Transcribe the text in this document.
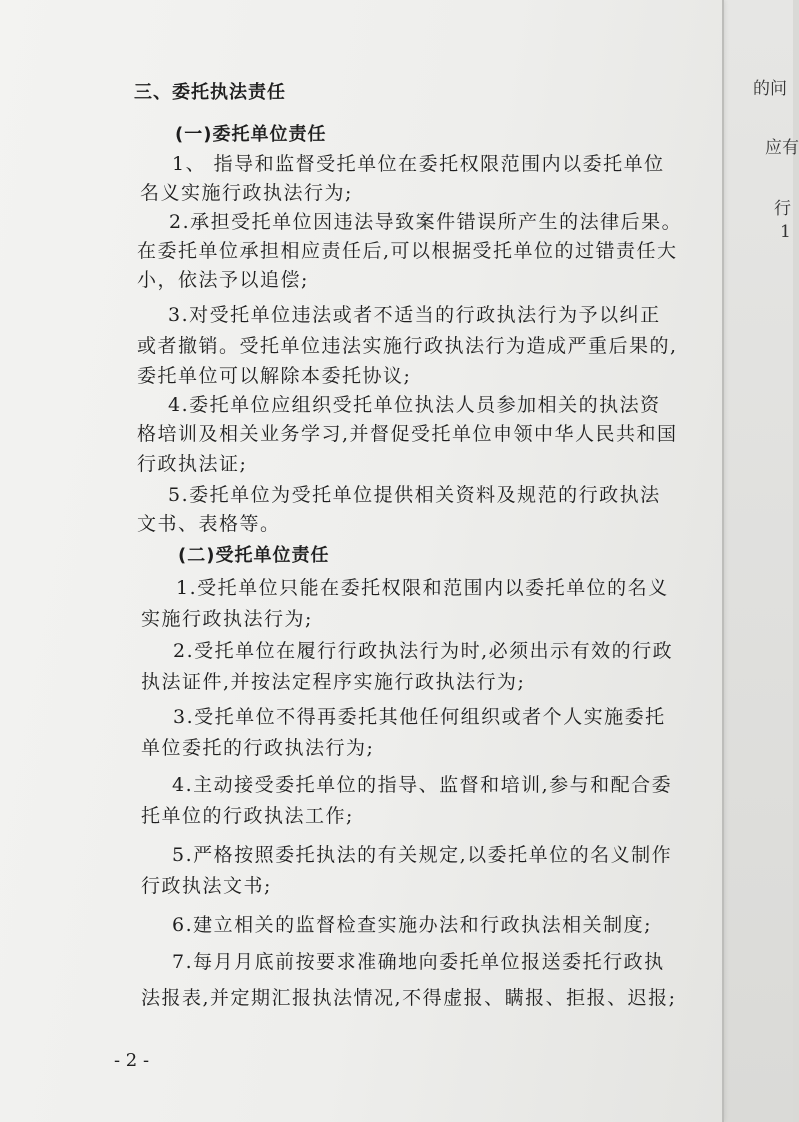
的问
应有
行
1
三、委托执法责任
(一)委托单位责任
1、 指导和监督受托单位在委托权限范围内以委托单位
名义实施行政执法行为;
2.承担受托单位因违法导致案件错误所产生的法律后果。
在委托单位承担相应责任后,可以根据受托单位的过错责任大
小，依法予以追偿;
3.对受托单位违法或者不适当的行政执法行为予以纠正
或者撤销。受托单位违法实施行政执法行为造成严重后果的,
委托单位可以解除本委托协议;
4.委托单位应组织受托单位执法人员参加相关的执法资
格培训及相关业务学习,并督促受托单位申领中华人民共和国
行政执法证;
5.委托单位为受托单位提供相关资料及规范的行政执法
文书、表格等。
(二)受托单位责任
1.受托单位只能在委托权限和范围内以委托单位的名义
实施行政执法行为;
2.受托单位在履行行政执法行为时,必须出示有效的行政
执法证件,并按法定程序实施行政执法行为;
3.受托单位不得再委托其他任何组织或者个人实施委托
单位委托的行政执法行为;
4.主动接受委托单位的指导、监督和培训,参与和配合委
托单位的行政执法工作;
5.严格按照委托执法的有关规定,以委托单位的名义制作
行政执法文书;
6.建立相关的监督检查实施办法和行政执法相关制度;
7.每月月底前按要求准确地向委托单位报送委托行政执
法报表,并定期汇报执法情况,不得虚报、瞒报、拒报、迟报;
- 2 -
